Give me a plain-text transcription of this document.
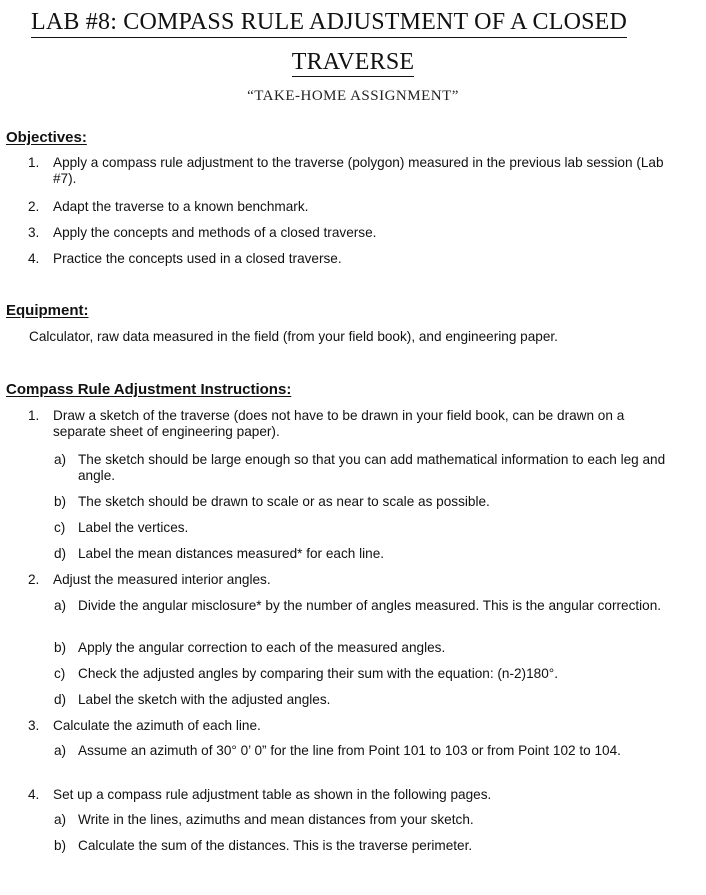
LAB #8: COMPASS RULE ADJUSTMENT OF A CLOSED
TRAVERSE
“TAKE-HOME ASSIGNMENT”
Objectives:
1. Apply a compass rule adjustment to the traverse (polygon) measured in the previous lab session (Lab #7).
2. Adapt the traverse to a known benchmark.
3. Apply the concepts and methods of a closed traverse.
4. Practice the concepts used in a closed traverse.
Equipment:
Calculator, raw data measured in the field (from your field book), and engineering paper.
Compass Rule Adjustment Instructions:
1. Draw a sketch of the traverse (does not have to be drawn in your field book, can be drawn on a separate sheet of engineering paper).
a) The sketch should be large enough so that you can add mathematical information to each leg and angle.
b) The sketch should be drawn to scale or as near to scale as possible.
c) Label the vertices.
d) Label the mean distances measured* for each line.
2. Adjust the measured interior angles.
a) Divide the angular misclosure* by the number of angles measured. This is the angular correction.
b) Apply the angular correction to each of the measured angles.
c) Check the adjusted angles by comparing their sum with the equation: (n-2)180°.
d) Label the sketch with the adjusted angles.
3. Calculate the azimuth of each line.
a) Assume an azimuth of 30° 0’ 0” for the line from Point 101 to 103 or from Point 102 to 104.
4. Set up a compass rule adjustment table as shown in the following pages.
a) Write in the lines, azimuths and mean distances from your sketch.
b) Calculate the sum of the distances. This is the traverse perimeter.
